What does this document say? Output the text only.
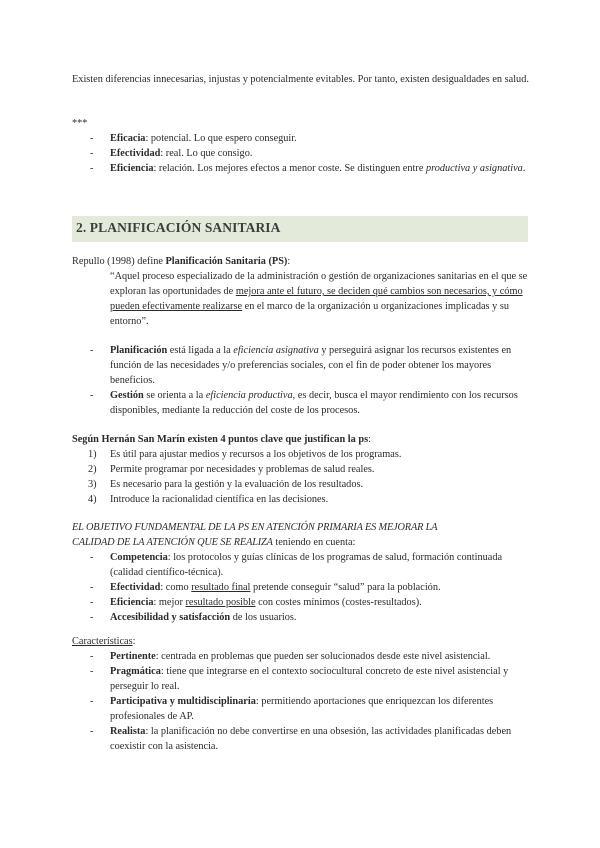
Existen diferencias innecesarias, injustas y potencialmente evitables. Por tanto, existen desigualdades en salud.

***

- Eficacia: potencial. Lo que espero conseguir.
- Efectividad: real. Lo que consigo.
- Eficiencia: relación. Los mejores efectos a menor coste. Se distinguen entre productiva y asignativa.
2. PLANIFICACIÓN SANITARIA

Repullo (1998) define Planificación Sanitaria (PS):

“Aquel proceso especializado de la administración o gestión de organizaciones sanitarias en el que se exploran las oportunidades de mejora ante el futuro, se deciden qué cambios son necesarios, y cómo pueden efectivamente realizarse en el marco de la organización u organizaciones implicadas y su entorno”.

- Planificación está ligada a la eficiencia asignativa y perseguirá asignar los recursos existentes en función de las necesidades y/o preferencias sociales, con el fin de poder obtener los mayores beneficios.
- Gestión se orienta a la eficiencia productiva, es decir, busca el mayor rendimiento con los recursos disponibles, mediante la reducción del coste de los procesos.

Según Hernán San Marín existen 4 puntos clave que justifican la ps:

1) Es útil para ajustar medios y recursos a los objetivos de los programas.
2) Permite programar por necesidades y problemas de salud reales.
3) Es necesario para la gestión y la evaluación de los resultados.
4) Introduce la racionalidad científica en las decisiones.

EL OBJETIVO FUNDAMENTAL DE LA PS EN ATENCIÓN PRIMARIA ES MEJORAR LA

CALIDAD DE LA ATENCIÓN QUE SE REALIZA teniendo en cuenta:

- Competencia: los protocolos y guías clínicas de los programas de salud, formación continuada (calidad científico-técnica).
- Efectividad: como resultado final pretende conseguir “salud” para la población.
- Eficiencia: mejor resultado posible con costes mínimos (costes-resultados).
- Accesibilidad y satisfacción de los usuarios.

Características:

- Pertinente: centrada en problemas que pueden ser solucionados desde este nivel asistencial.
- Pragmática: tiene que integrarse en el contexto sociocultural concreto de este nivel asistencial y perseguir lo real.
- Participativa y multidisciplinaria: permitiendo aportaciones que enriquezcan los diferentes profesionales de AP.
- Realista: la planificación no debe convertirse en una obsesión, las actividades planificadas deben coexistir con la asistencia.
